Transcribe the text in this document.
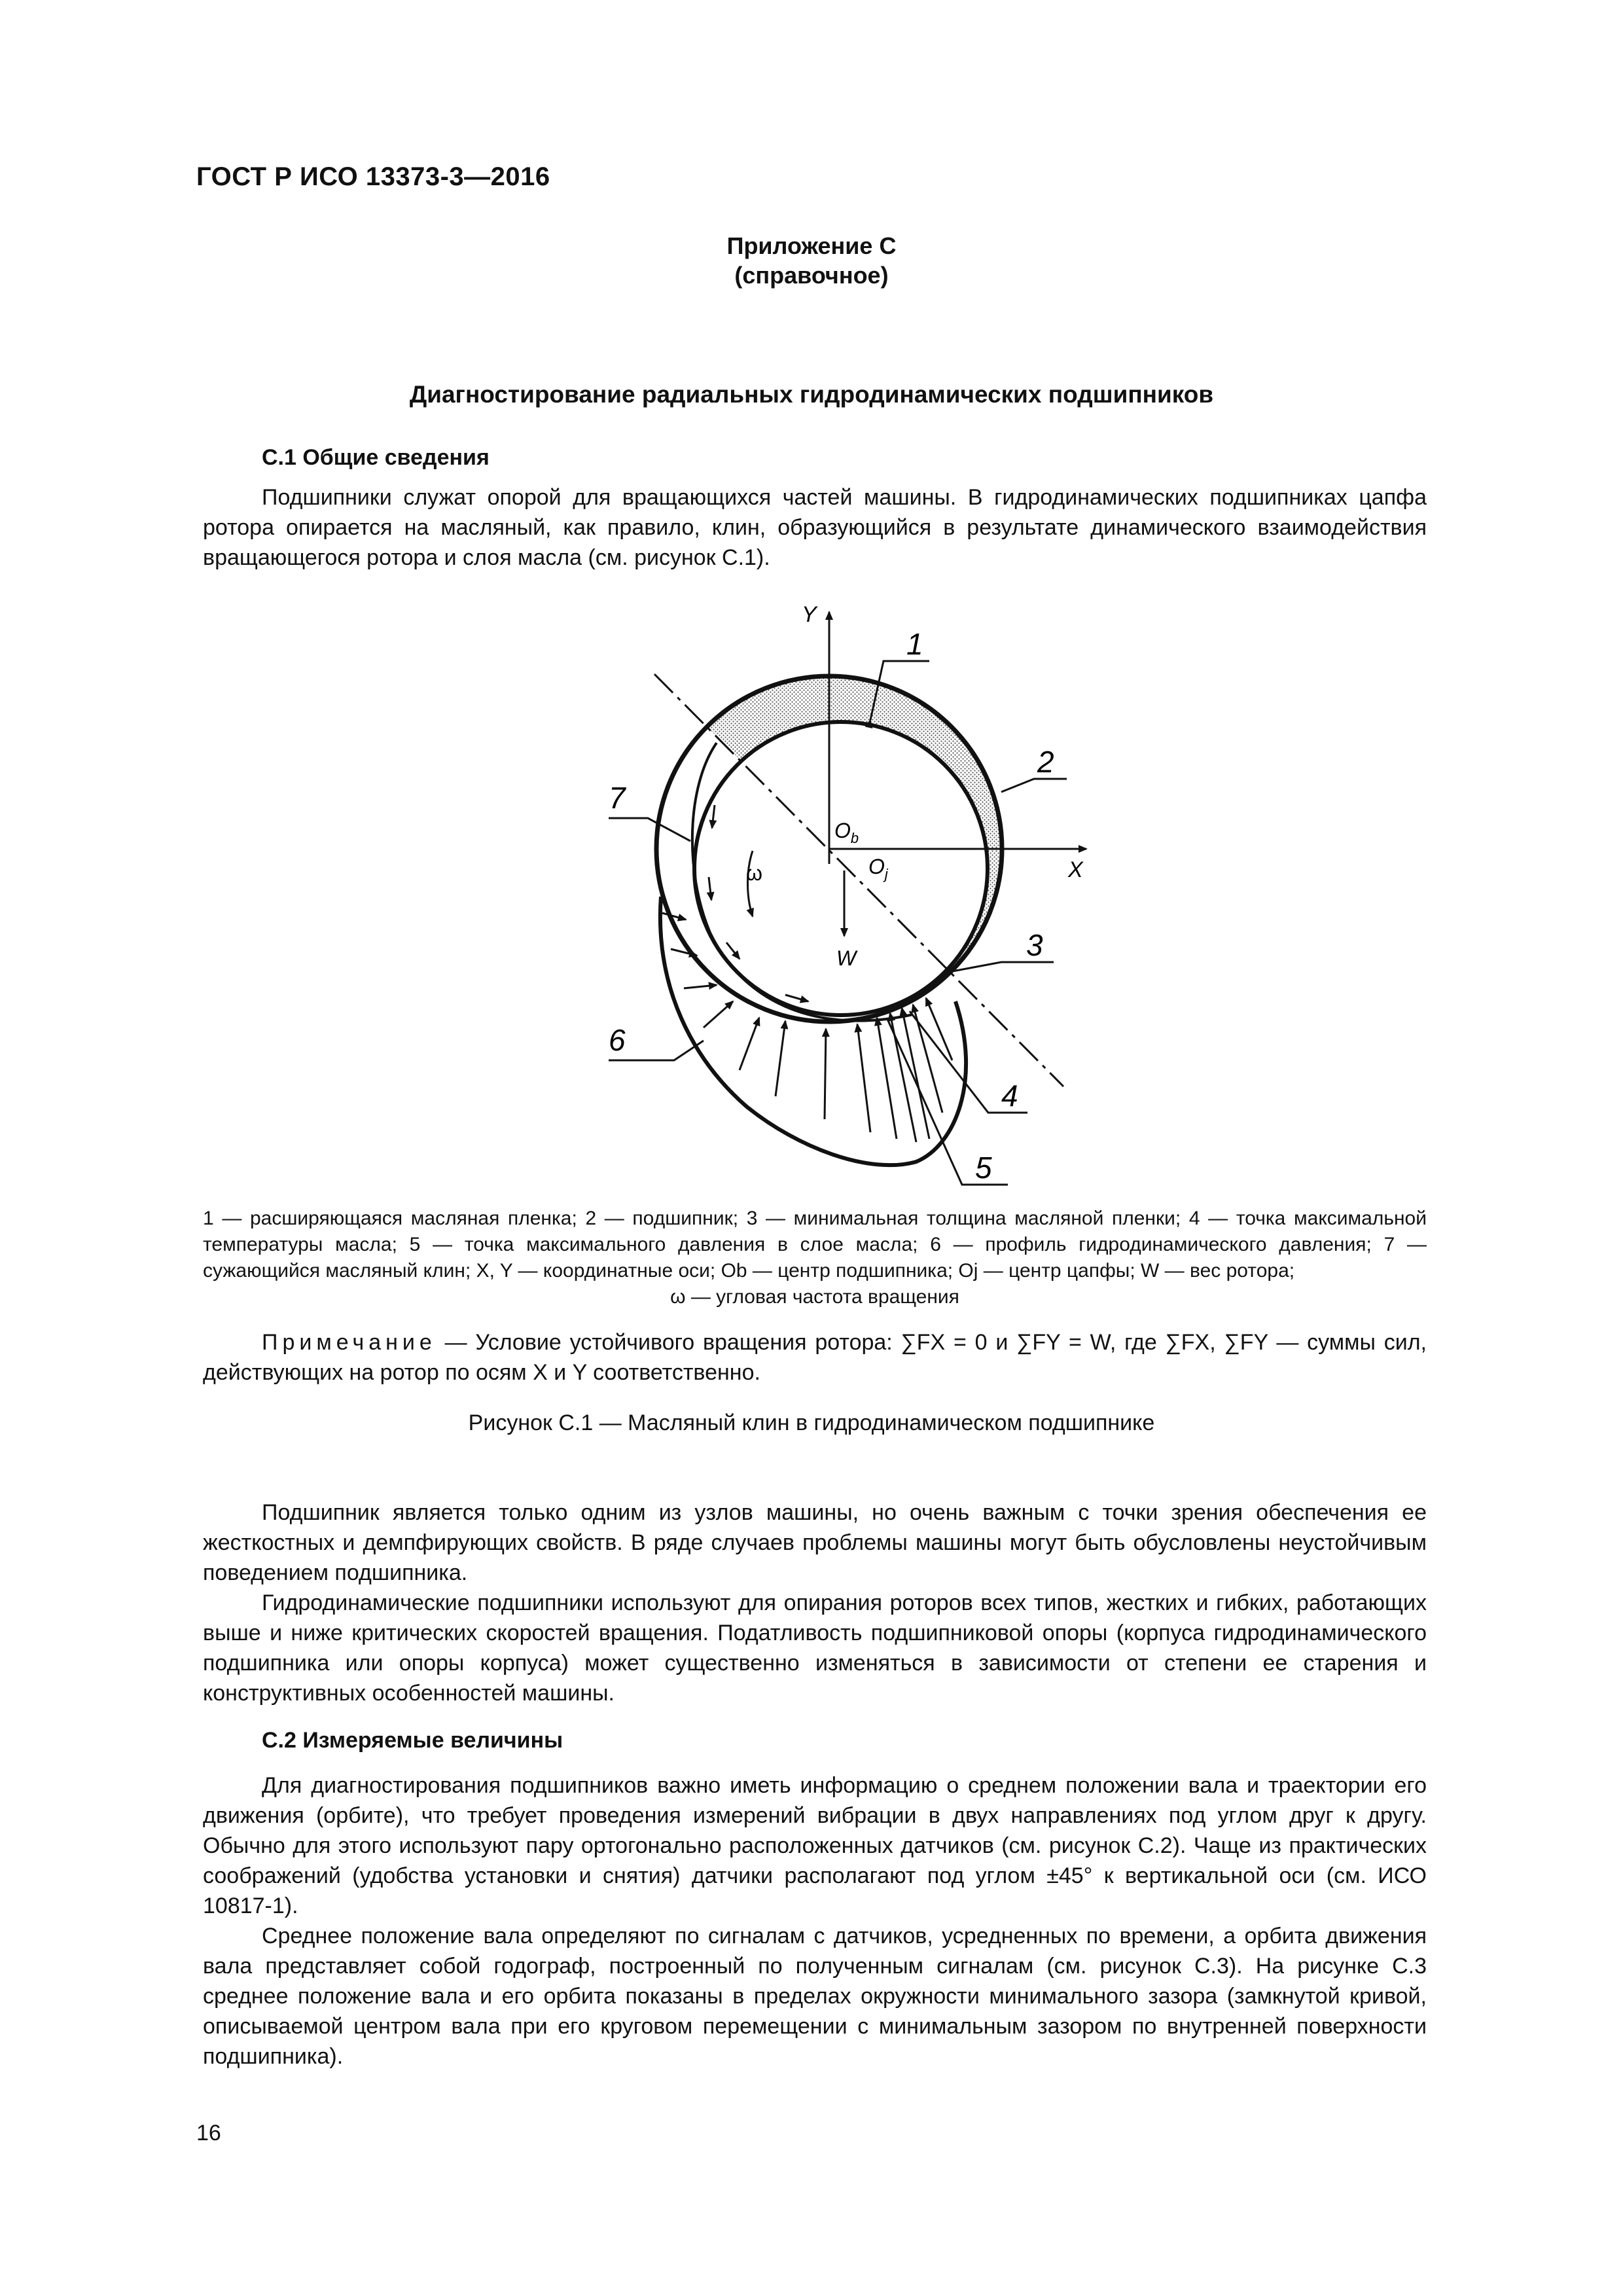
ГОСТ Р ИСО 13373-3—2016
Приложение С
(справочное)
Диагностирование радиальных гидродинамических подшипников
С.1 Общие сведения

Подшипники служат опорой для вращающихся частей машины. В гидродинамических подшипниках цапфа ротора опирается на масляный, как правило, клин, образующийся в результате динамического взаимодействия вращающегося ротора и слоя масла (см. рисунок С.1).

1
2
3
4
5
6
7
Y
X
$O_b$
$O_j$
W
ω
1 — расширяющаяся масляная пленка; 2 — подшипник; 3 — минимальная толщина масляной пленки; 4 — точка максимальной температуры масла; 5 — точка максимального давления в слое масла; 6 — профиль гидродинамического давления; 7 — сужающийся масляный клин; X, Y — координатные оси; Ob — центр подшипника; Oj — центр цапфы; W — вес ротора;
ω — угловая частота вращения

Примечание — Условие устойчивого вращения ротора: ∑FX = 0 и ∑FY = W, где ∑FX, ∑FY — суммы сил, действующих на ротор по осям X и Y соответственно.

Рисунок С.1 — Масляный клин в гидродинамическом подшипнике

Подшипник является только одним из узлов машины, но очень важным с точки зрения обеспечения ее жесткостных и демпфирующих свойств. В ряде случаев проблемы машины могут быть обусловлены неустойчивым поведением подшипника.

Гидродинамические подшипники используют для опирания роторов всех типов, жестких и гибких, работающих выше и ниже критических скоростей вращения. Податливость подшипниковой опоры (корпуса гидродинамического подшипника или опоры корпуса) может существенно изменяться в зависимости от степени ее старения и конструктивных особенностей машины.

С.2 Измеряемые величины

Для диагностирования подшипников важно иметь информацию о среднем положении вала и траектории его движения (орбите), что требует проведения измерений вибрации в двух направлениях под углом друг к другу. Обычно для этого используют пару ортогонально расположенных датчиков (см. рисунок С.2). Чаще из практических соображений (удобства установки и снятия) датчики располагают под углом ±45° к вертикальной оси (см. ИСО 10817-1).

Среднее положение вала определяют по сигналам с датчиков, усредненных по времени, а орбита движения вала представляет собой годограф, построенный по полученным сигналам (см. рисунок С.3). На рисунке С.3 среднее положение вала и его орбита показаны в пределах окружности минимального зазора (замкнутой кривой, описываемой центром вала при его круговом перемещении с минимальным зазором по внутренней поверхности подшипника).

16
